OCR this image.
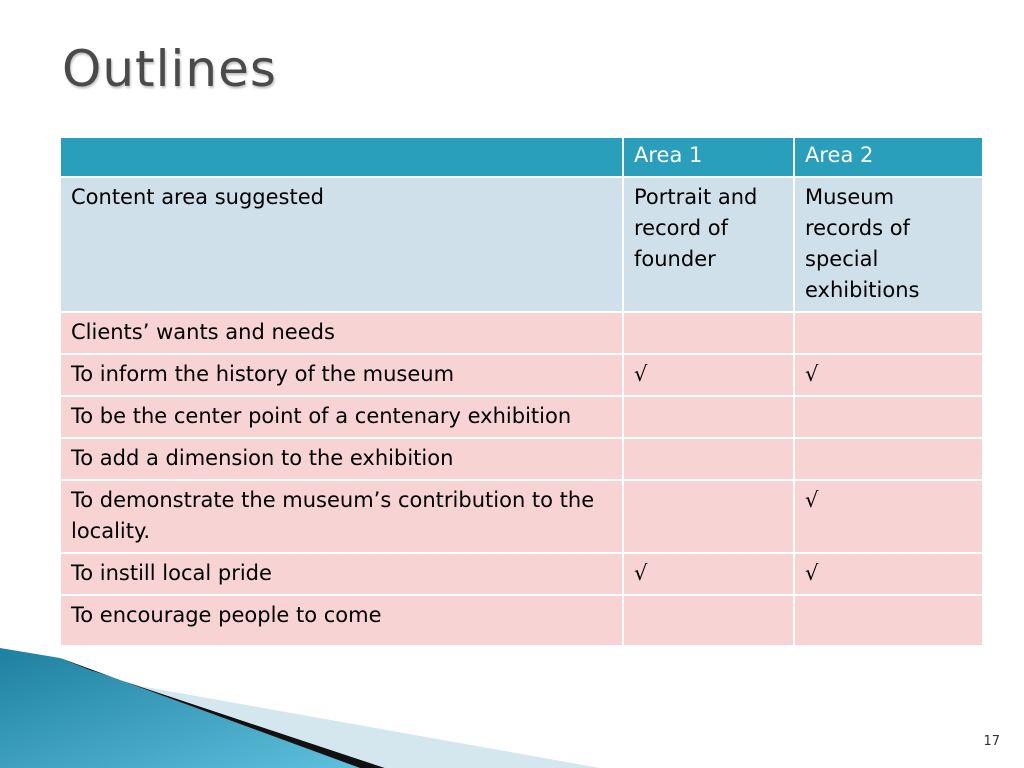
Outlines
	Area 1	Area 2
Content area suggested	Portrait and record of founder	Museum records of special exhibitions
Clients’ wants and needs		
To inform the history of the museum	√	√
To be the center point of a centenary exhibition		
To add a dimension to the exhibition		
To demonstrate the museum’s contribution to the locality.		√
To instill local pride	√	√
To encourage people to come		
17
